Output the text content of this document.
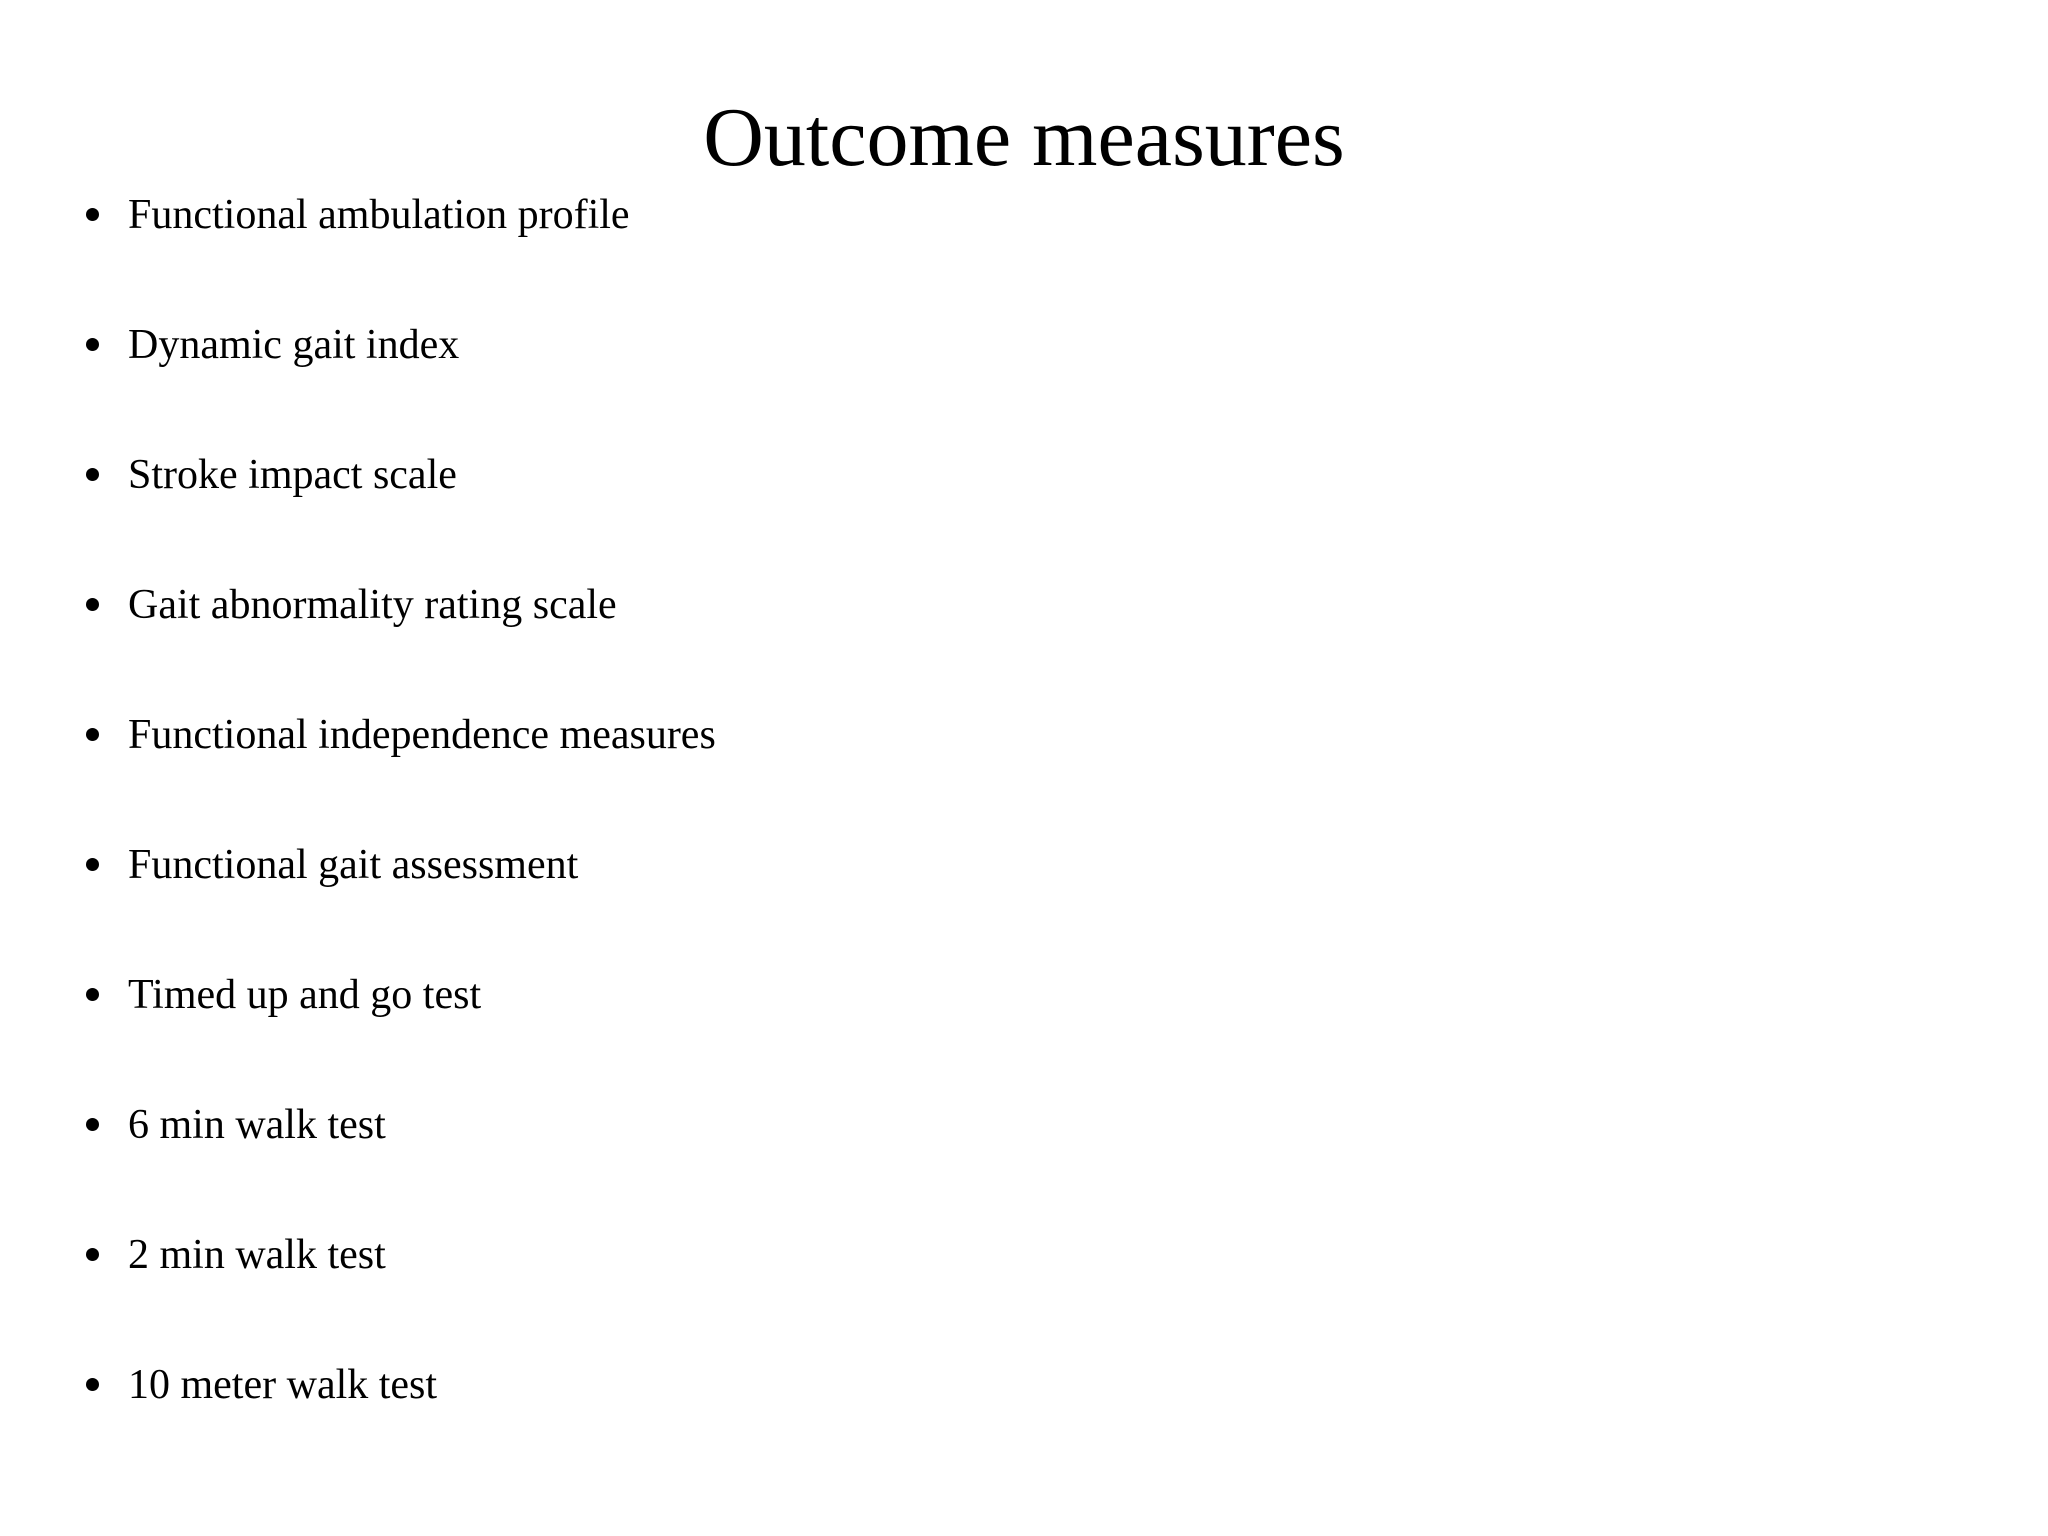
Outcome measures
Functional ambulation profile
Dynamic gait index
Stroke impact scale
Gait abnormality rating scale
Functional independence measures
Functional gait assessment
Timed up and go test
6 min walk test
2 min walk test
10 meter walk test
